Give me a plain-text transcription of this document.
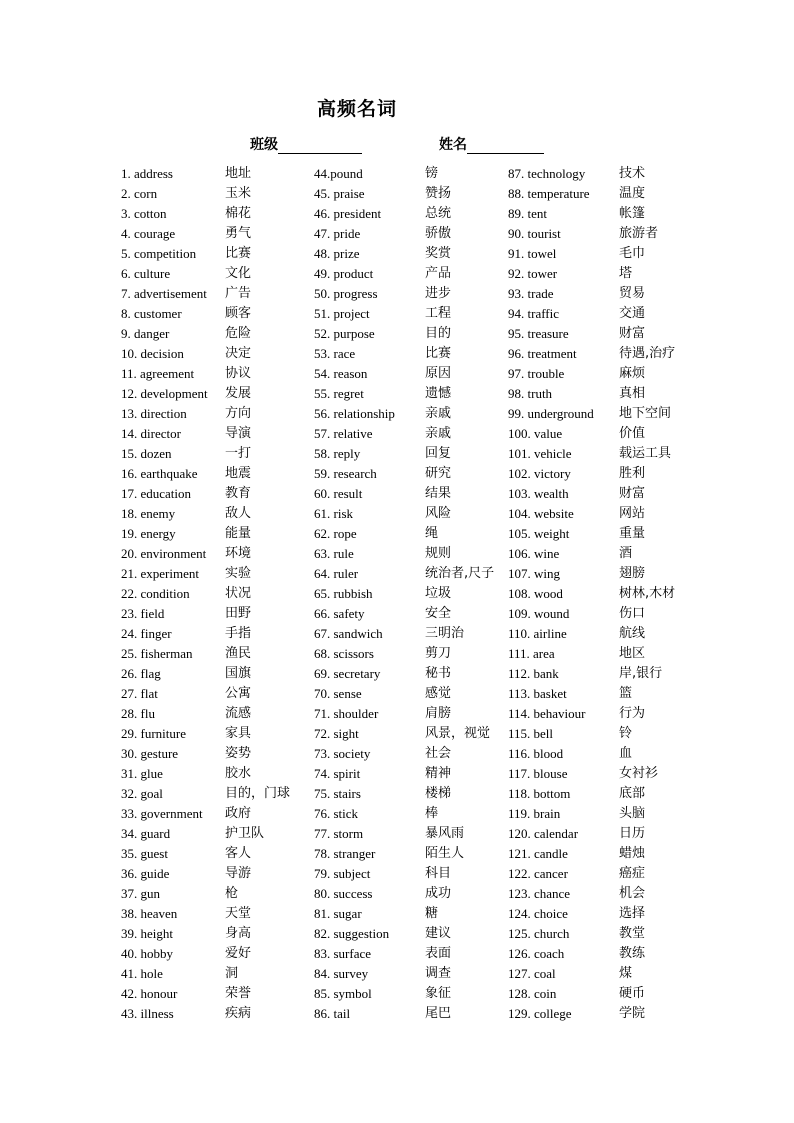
高频名词
班级	姓名
1. address	地址
2. corn	玉米
3. cotton	棉花
4. courage	勇气
5. competition 比赛
6. culture	文化
7. advertisement 广告
8. customer	顾客
9. danger	危险
10. decision	决定
11. agreement 协议
12. development 发展
13. direction	方向
14. director	导演
15. dozen	一打
16. earthquake 地震
17. education	教育
18. enemy	敌人
19. energy	能量
20. environment 环境
21. experiment 实验
22. condition	状况
23. field	田野
24. finger	手指
25. fisherman	渔民
26. flag	国旗
27. flat	公寓
28. flu	流感
29. furniture	家具
30. gesture	姿势
31. glue	胶水
32. goal	目的，门球
33. government 政府
34. guard	护卫队
35. guest	客人
36. guide	导游
37. gun	枪
38. heaven	天堂
39. height	身高
40. hobby	爱好
41. hole	洞
42. honour	荣誉
43. illness	疾病
44.pound	镑
45. praise	赞扬
46. president	总统
47. pride	骄傲
48. prize	奖赏
49. product	产品
50. progress	进步
51. project	工程
52. purpose	目的
53. race	比赛
54. reason	原因
55. regret	遗憾
56. relationship 亲戚
57. relative	亲戚
58. reply	回复
59. research	研究
60. result	结果
61. risk	风险
62. rope	绳
63. rule	规则
64. ruler	统治者,尺子
65. rubbish	垃圾
66. safety	安全
67. sandwich	三明治
68. scissors	剪刀
69. secretary	秘书
70. sense	感觉
71. shoulder	肩膀
72. sight	风景，视觉
73. society	社会
74. spirit	精神
75. stairs	楼梯
76. stick	棒
77. storm	暴风雨
78. stranger	陌生人
79. subject	科目
80. success	成功
81. sugar	糖
82. suggestion	建议
83. surface	表面
84. survey	调查
85. symbol	象征
86. tail	尾巴
87. technology	技术
88. temperature 温度
89. tent	帐篷
90. tourist	旅游者
91. towel	毛巾
92. tower	塔
93. trade	贸易
94. traffic	交通
95. treasure	财富
96. treatment	待遇,治疗
97. trouble	麻烦
98. truth	真相
99. underground 地下空间
100. value	价值
101. vehicle	载运工具
102. victory	胜利
103. wealth	财富
104. website	网站
105. weight	重量
106. wine	酒
107. wing	翅膀
108. wood	树林,木材
109. wound	伤口
110. airline	航线
111. area	地区
112. bank	岸,银行
113. basket	篮
114. behaviour	行为
115. bell	铃
116. blood	血
117. blouse	女衬衫
118. bottom	底部
119. brain	头脑
120. calendar	日历
121. candle	蜡烛
122. cancer	癌症
123. chance	机会
124. choice	选择
125. church	教堂
126. coach	教练
127. coal	煤
128. coin	硬币
129. college	学院
